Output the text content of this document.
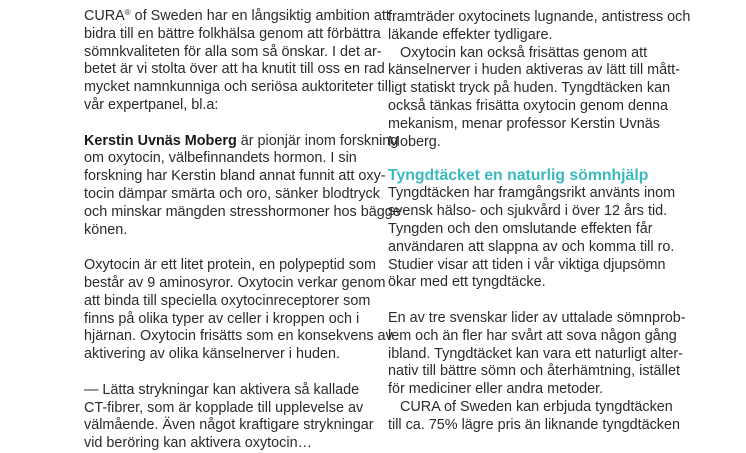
CURA® of Sweden har en långsiktig ambition att
bidra till en bättre folkhälsa genom att förbättra
sömnkvaliteten för alla som så önskar. I det ar-
betet är vi stolta över att ha knutit till oss en rad
mycket namnkunniga och seriösa auktoriteter till
vår expertpanel, bl.a:

Kerstin Uvnäs Moberg är pionjär inom forskning
om oxytocin, välbefinnandets hormon. I sin
forskning har Kerstin bland annat funnit att oxy-
tocin dämpar smärta och oro, sänker blodtryck
och minskar mängden stresshormoner hos bägge
könen.

Oxytocin är ett litet protein, en polypeptid som
består av 9 aminosyror. Oxytocin verkar genom
att binda till speciella oxytocinreceptorer som
finns på olika typer av celler i kroppen och i
hjärnan. Oxytocin frisätts som en konsekvens av
aktivering av olika känselnerver i huden.

— Lätta strykningar kan aktivera så kallade
CT-fibrer, som är kopplade till upplevelse av
välmående. Även något kraftigare strykningar
vid beröring kan aktivera oxytocin…

framträder oxytocinets lugnande, antistress och
läkande effekter tydligare.

Oxytocin kan också frisättas genom att
känselnerver i huden aktiveras av lätt till mått-
ligt statiskt tryck på huden. Tyngdtäcken kan
också tänkas frisätta oxytocin genom denna
mekanism, menar professor Kerstin Uvnäs
Moberg.

Tyngdtäcket en naturlig sömnhjälp

Tyngdtäcken har framgångsrikt använts inom
svensk hälso- och sjukvård i över 12 års tid.
Tyngden och den omslutande effekten får
användaren att slappna av och komma till ro.
Studier visar att tiden i vår viktiga djupsömn
ökar med ett tyngdtäcke.

En av tre svenskar lider av uttalade sömnprob-
lem och än fler har svårt att sova någon gång
ibland. Tyngdtäcket kan vara ett naturligt alter-
nativ till bättre sömn och återhämtning, istället
för mediciner eller andra metoder.

CURA of Sweden kan erbjuda tyngdtäcken
till ca. 75% lägre pris än liknande tyngdtäcken
